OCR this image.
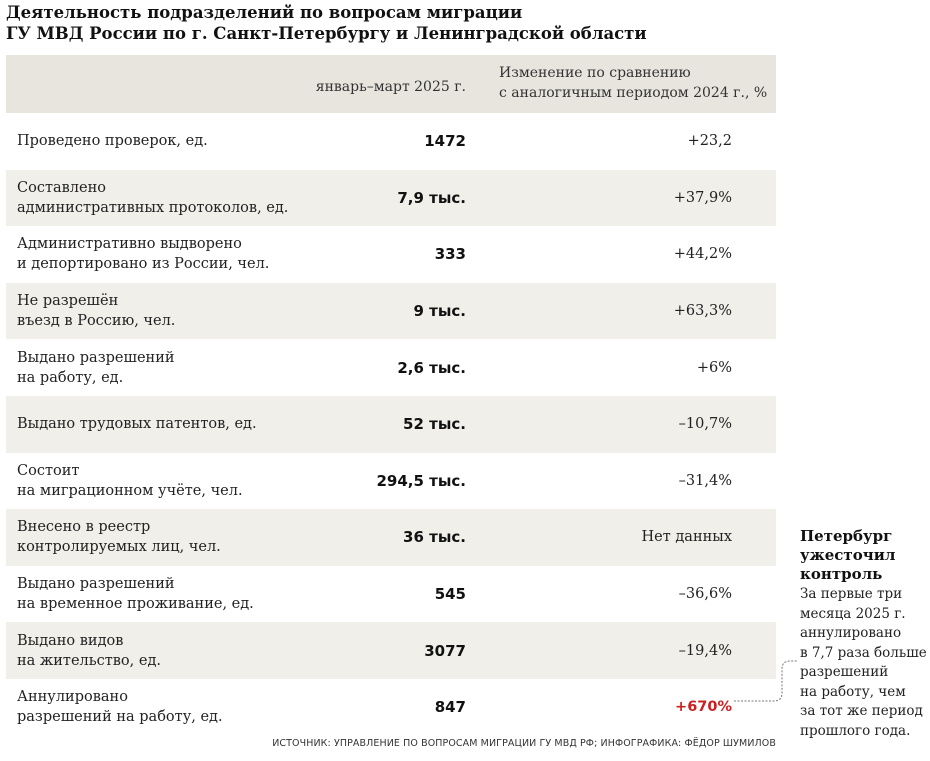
Деятельность подразделений по вопросам миграции
ГУ МВД России по г. Санкт-Петербургу и Ленинградской области
январь–март 2025 г.
Изменение по сравнению
с аналогичным периодом 2024 г., %
Проведено проверок, ед.	1472	+23,2
Составлено
административных протоколов, ед.
7,9 тыс.	+37,9%
Административно выдворено
и депортировано из России, чел.
333	+44,2%
Не разрешён
въезд в Россию, чел.
9 тыс.	+63,3%
Выдано разрешений
на работу, ед.
2,6 тыс.	+6%
Выдано трудовых патентов, ед.	52 тыс.	–10,7%
Состоит
на миграционном учёте, чел.
294,5 тыс.	–31,4%
Внесено в реестр
контролируемых лиц, чел.
36 тыс.	Нет данных
Выдано разрешений
на временное проживание, ед.
545	–36,6%
Выдано видов
на жительство, ед.
3077	–19,4%
Аннулировано
разрешений на работу, ед.
847	+670%
ИСТОЧНИК: УПРАВЛЕНИЕ ПО ВОПРОСАМ МИГРАЦИИ ГУ МВД РФ; ИНФОГРАФИКА: ФЁДОР ШУМИЛОВ
Петербург
ужесточил
контроль
За первые три
месяца 2025 г.
аннулировано
в 7,7 раза больше
разрешений
на работу, чем
за тот же период
прошлого года.
